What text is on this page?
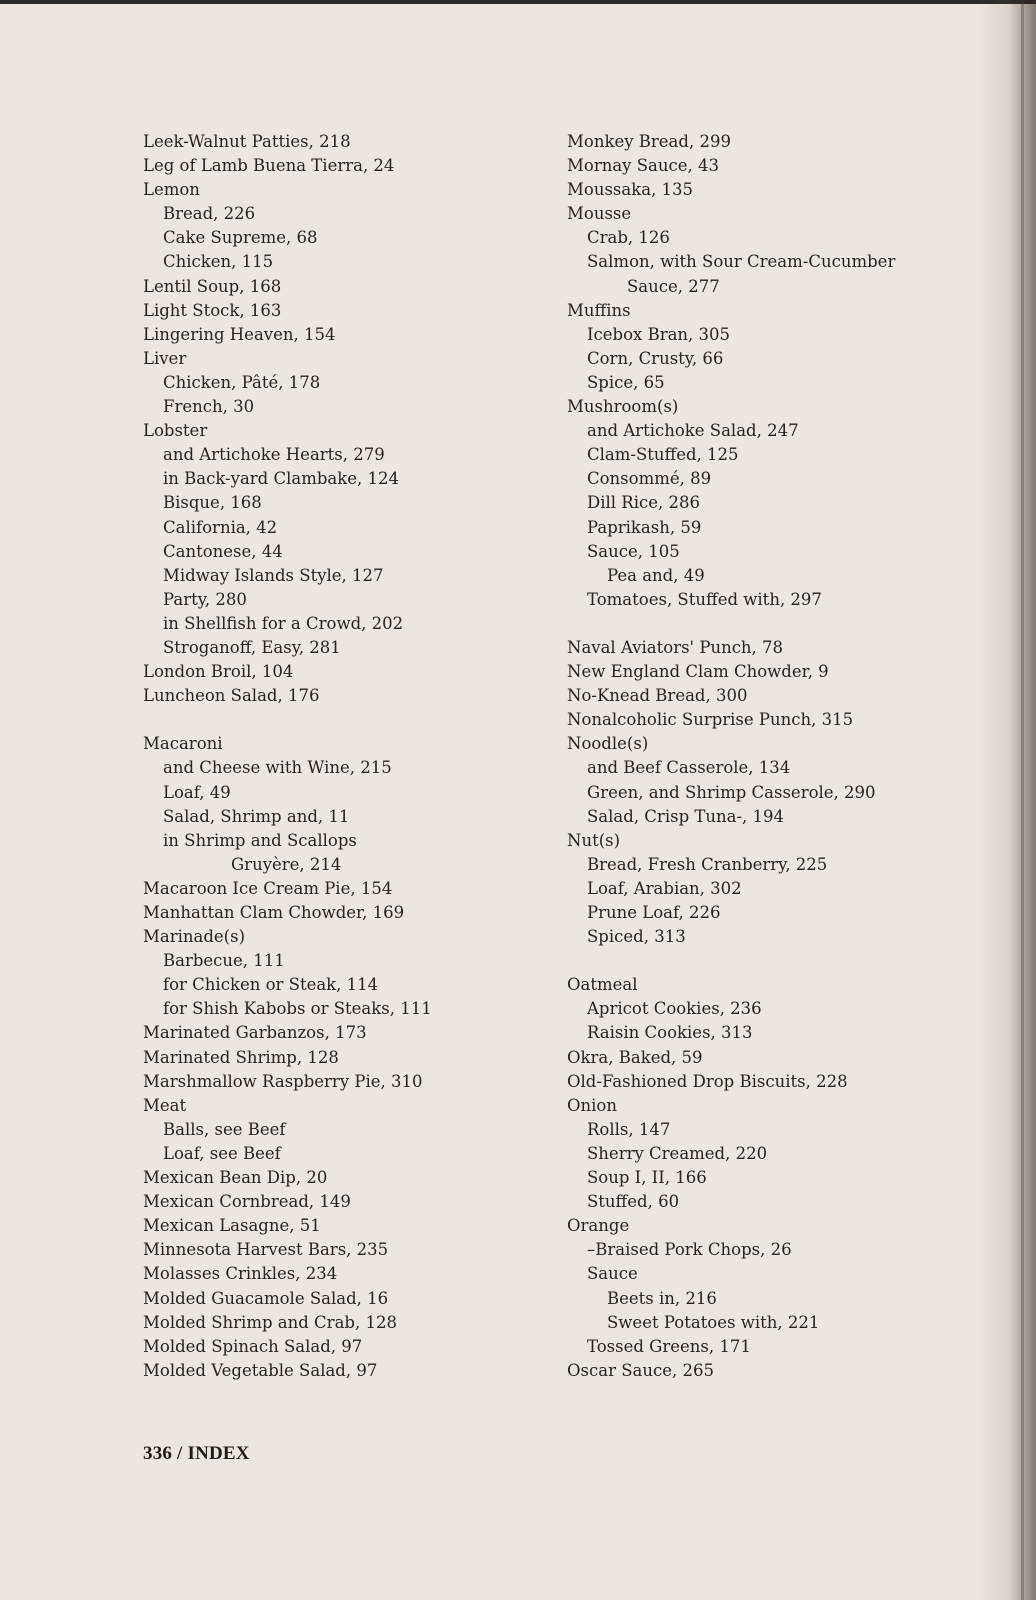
Leek-Walnut Patties, 218
Leg of Lamb Buena Tierra, 24
Lemon
Bread, 226
Cake Supreme, 68
Chicken, 115
Lentil Soup, 168
Light Stock, 163
Lingering Heaven, 154
Liver
Chicken, Pâté, 178
French, 30
Lobster
and Artichoke Hearts, 279
in Back-yard Clambake, 124
Bisque, 168
California, 42
Cantonese, 44
Midway Islands Style, 127
Party, 280
in Shellfish for a Crowd, 202
Stroganoff, Easy, 281
London Broil, 104
Luncheon Salad, 176
Macaroni
and Cheese with Wine, 215
Loaf, 49
Salad, Shrimp and, 11
in Shrimp and Scallops
Gruyère, 214
Macaroon Ice Cream Pie, 154
Manhattan Clam Chowder, 169
Marinade(s)
Barbecue, 111
for Chicken or Steak, 114
for Shish Kabobs or Steaks, 111
Marinated Garbanzos, 173
Marinated Shrimp, 128
Marshmallow Raspberry Pie, 310
Meat
Balls, see Beef
Loaf, see Beef
Mexican Bean Dip, 20
Mexican Cornbread, 149
Mexican Lasagne, 51
Minnesota Harvest Bars, 235
Molasses Crinkles, 234
Molded Guacamole Salad, 16
Molded Shrimp and Crab, 128
Molded Spinach Salad, 97
Molded Vegetable Salad, 97
Monkey Bread, 299
Mornay Sauce, 43
Moussaka, 135
Mousse
Crab, 126
Salmon, with Sour Cream-Cucumber
Sauce, 277
Muffins
Icebox Bran, 305
Corn, Crusty, 66
Spice, 65
Mushroom(s)
and Artichoke Salad, 247
Clam-Stuffed, 125
Consommé, 89
Dill Rice, 286
Paprikash, 59
Sauce, 105
Pea and, 49
Tomatoes, Stuffed with, 297
Naval Aviators' Punch, 78
New England Clam Chowder, 9
No-Knead Bread, 300
Nonalcoholic Surprise Punch, 315
Noodle(s)
and Beef Casserole, 134
Green, and Shrimp Casserole, 290
Salad, Crisp Tuna-, 194
Nut(s)
Bread, Fresh Cranberry, 225
Loaf, Arabian, 302
Prune Loaf, 226
Spiced, 313
Oatmeal
Apricot Cookies, 236
Raisin Cookies, 313
Okra, Baked, 59
Old-Fashioned Drop Biscuits, 228
Onion
Rolls, 147
Sherry Creamed, 220
Soup I, II, 166
Stuffed, 60
Orange
–Braised Pork Chops, 26
Sauce
Beets in, 216
Sweet Potatoes with, 221
Tossed Greens, 171
Oscar Sauce, 265
336 / INDEX
